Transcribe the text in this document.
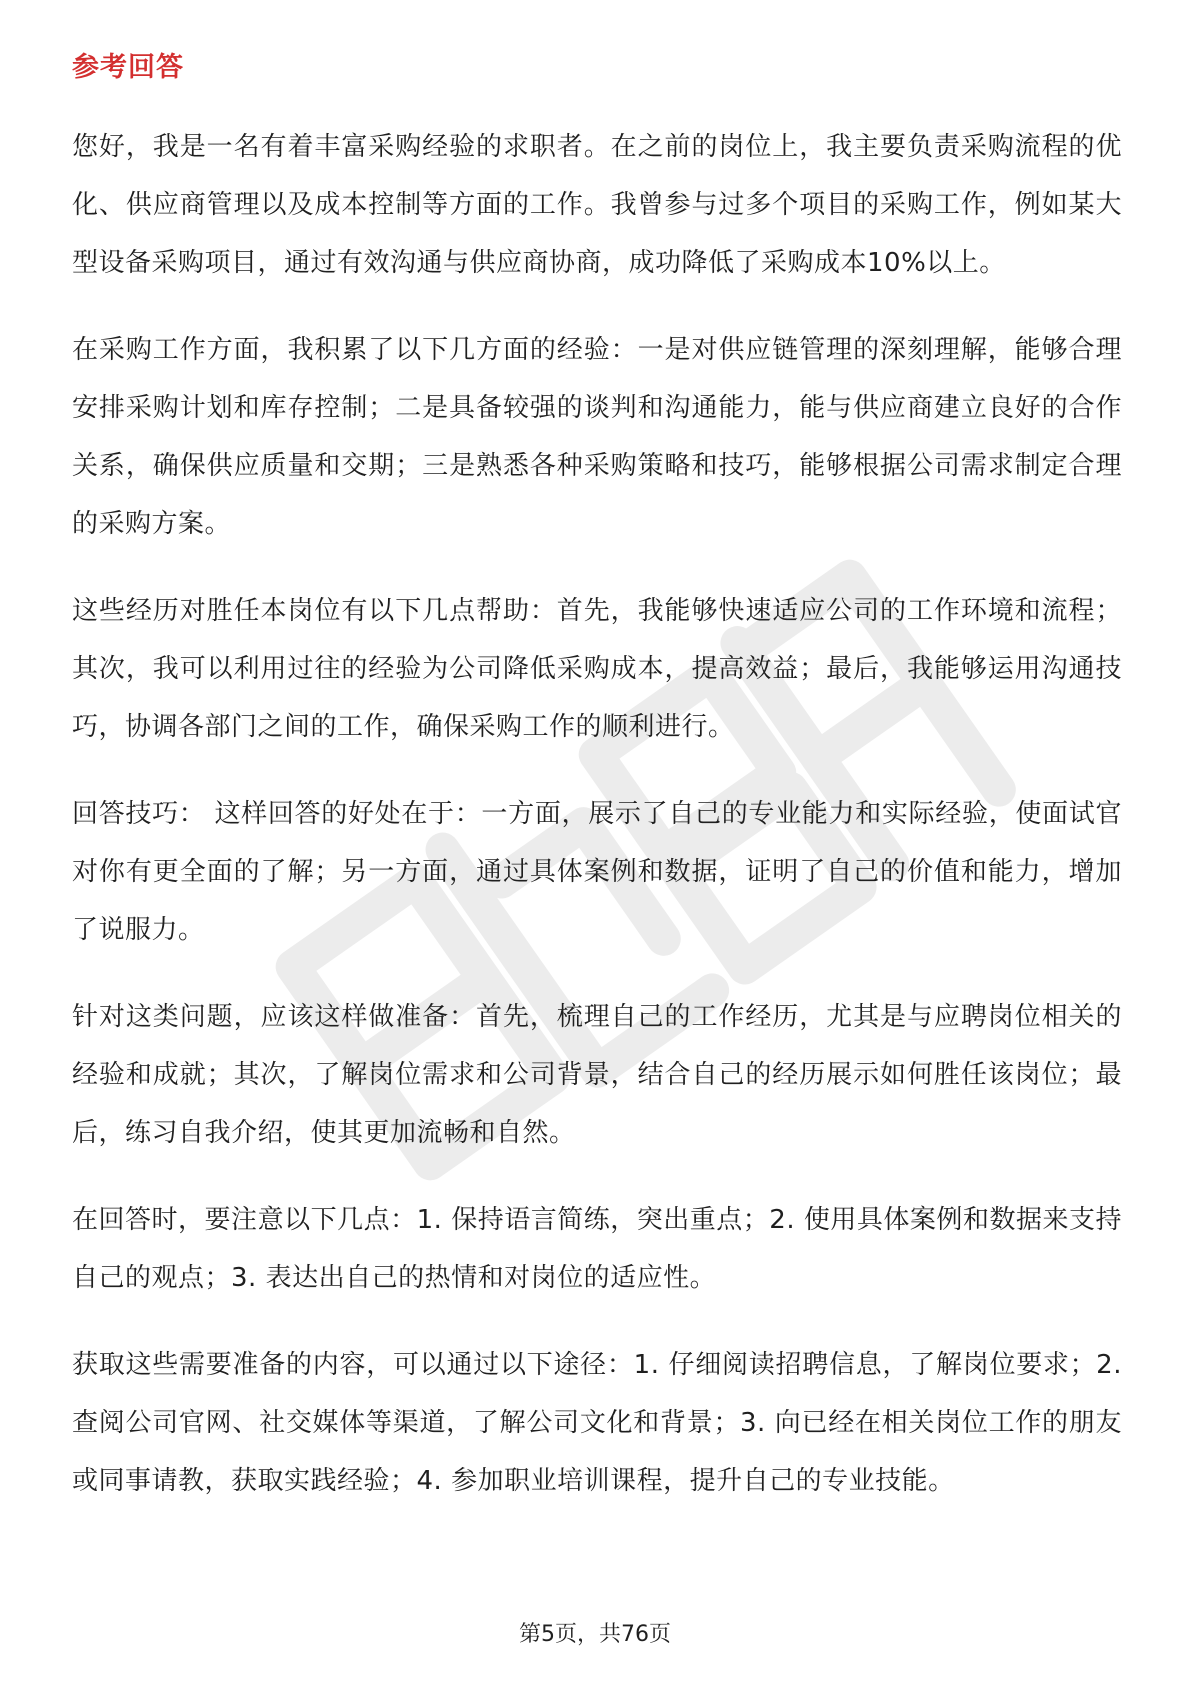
参考回答

您好，我是一名有着丰富采购经验的求职者。在之前的岗位上，我主要负责采购流程的优化、供应商管理以及成本控制等方面的工作。我曾参与过多个项目的采购工作，例如某大型设备采购项目，通过有效沟通与供应商协商，成功降低了采购成本10%以上。

在采购工作方面，我积累了以下几方面的经验：一是对供应链管理的深刻理解，能够合理安排采购计划和库存控制；二是具备较强的谈判和沟通能力，能与供应商建立良好的合作关系，确保供应质量和交期；三是熟悉各种采购策略和技巧，能够根据公司需求制定合理的采购方案。

这些经历对胜任本岗位有以下几点帮助：首先，我能够快速适应公司的工作环境和流程；其次，我可以利用过往的经验为公司降低采购成本，提高效益；最后，我能够运用沟通技巧，协调各部门之间的工作，确保采购工作的顺利进行。

回答技巧： 这样回答的好处在于：一方面，展示了自己的专业能力和实际经验，使面试官对你有更全面的了解；另一方面，通过具体案例和数据，证明了自己的价值和能力，增加了说服力。

针对这类问题，应该这样做准备：首先，梳理自己的工作经历，尤其是与应聘岗位相关的经验和成就；其次，了解岗位需求和公司背景，结合自己的经历展示如何胜任该岗位；最后，练习自我介绍，使其更加流畅和自然。

在回答时，要注意以下几点：1. 保持语言简练，突出重点；2. 使用具体案例和数据来支持自己的观点；3. 表达出自己的热情和对岗位的适应性。

获取这些需要准备的内容，可以通过以下途径：1. 仔细阅读招聘信息，了解岗位要求；2. 查阅公司官网、社交媒体等渠道，了解公司文化和背景；3. 向已经在相关岗位工作的朋友或同事请教，获取实践经验；4. 参加职业培训课程，提升自己的专业技能。

第5页，共76页
